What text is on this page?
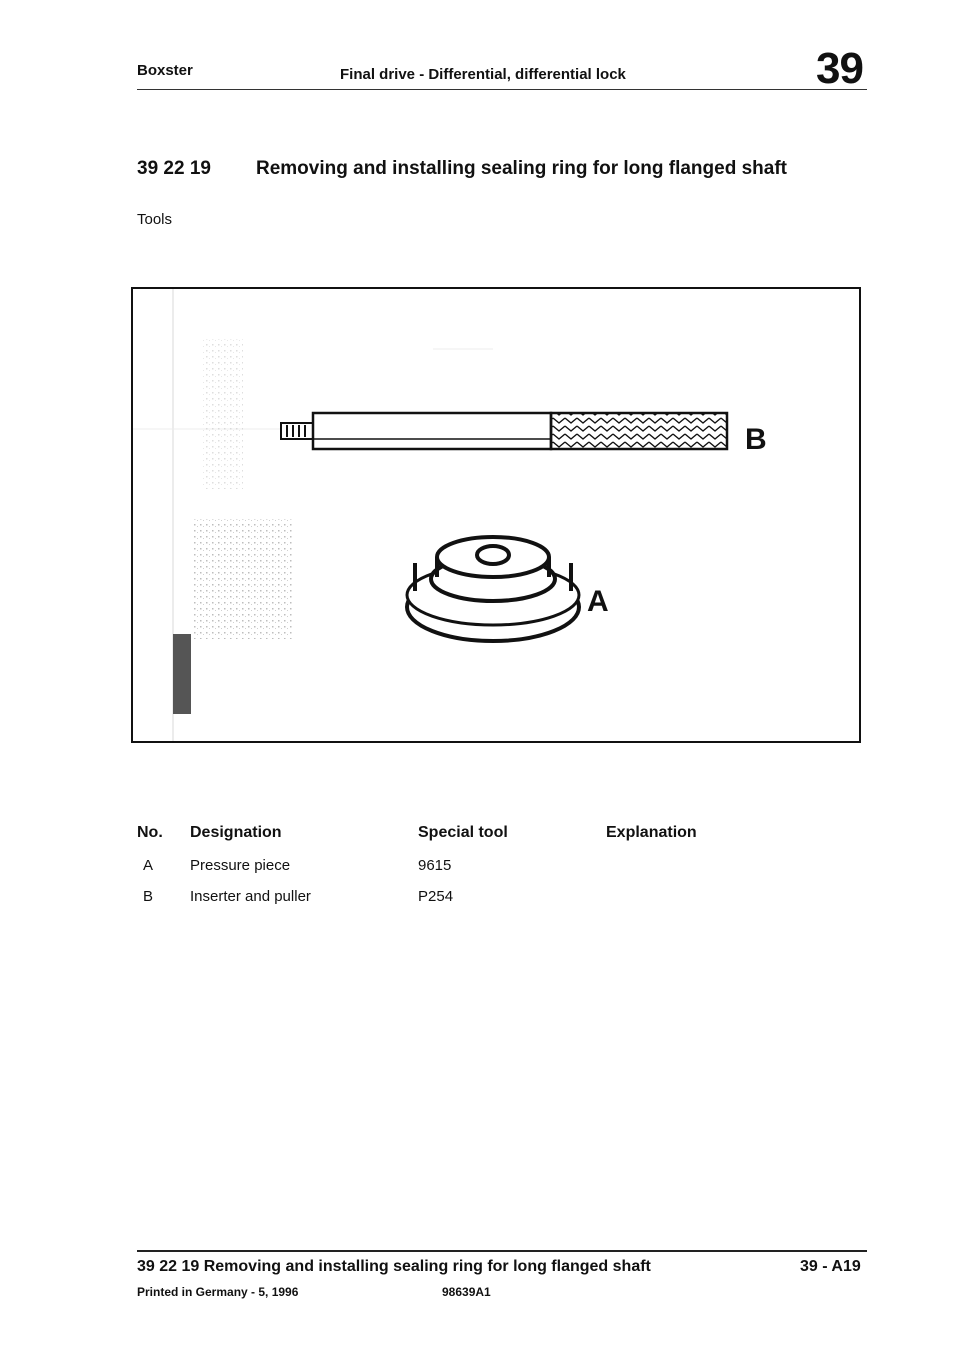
Boxster	Final drive - Differential, differential lock	39
39 22 19 Removing and installing sealing ring for long flanged shaft
Tools
B
A
No. Designation	Special tool	Explanation
A Pressure piece	9615
B Inserter and puller	P254
39 22 19 Removing and installing sealing ring for long flanged shaft	39 - A19
Printed in Germany - 5, 1996	98639A1
